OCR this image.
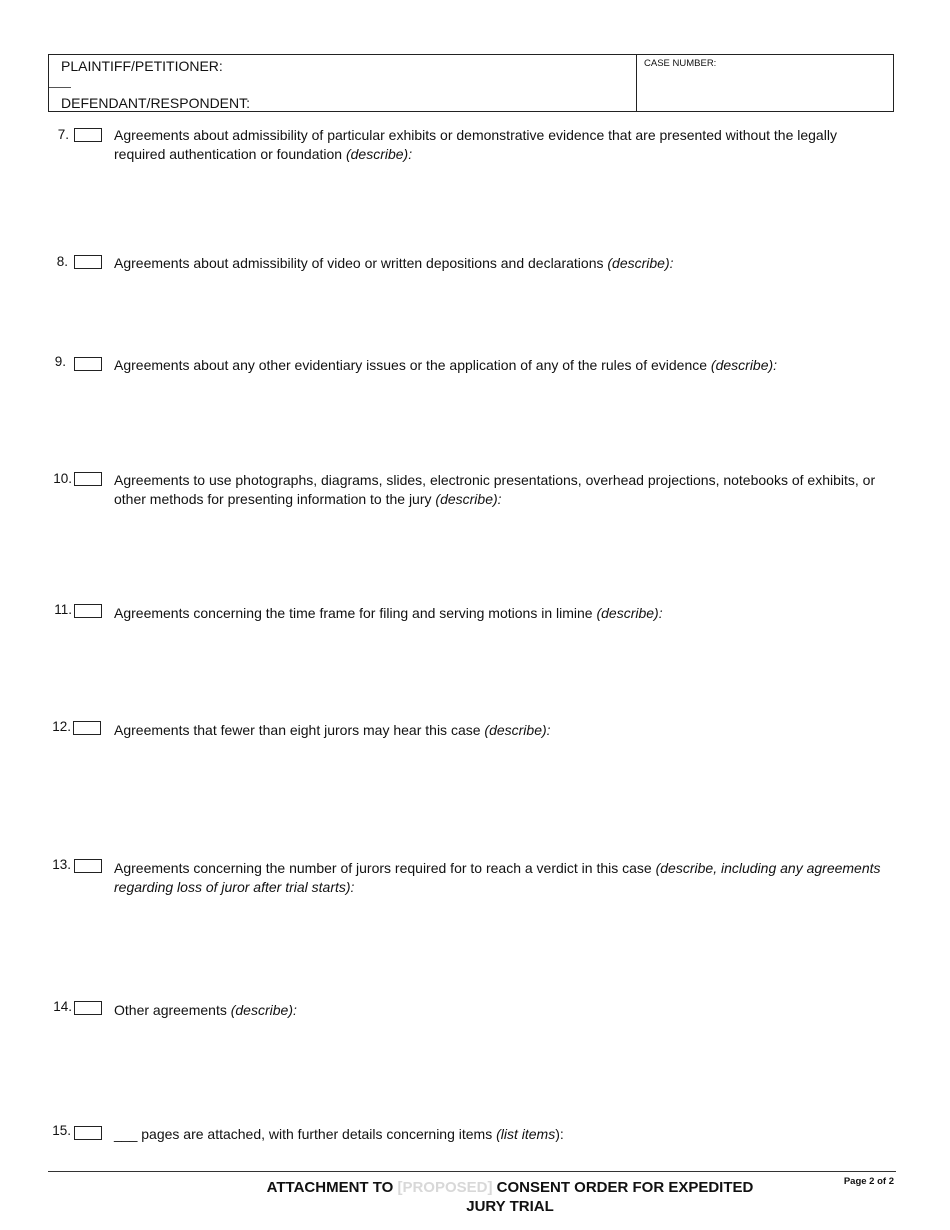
PLAINTIFF/PETITIONER:
DEFENDANT/RESPONDENT:
CASE NUMBER:
7.	Agreements about admissibility of particular exhibits or demonstrative evidence that are presented without the legally required authentication or foundation (describe):
8.	Agreements about admissibility of video or written depositions and declarations (describe):
9.	Agreements about any other evidentiary issues or the application of any of the rules of evidence (describe):
10.	Agreements to use photographs, diagrams, slides, electronic presentations, overhead projections, notebooks of exhibits, or other methods for presenting information to the jury (describe):
11.	Agreements concerning the time frame for filing and serving motions in limine (describe):
12.	Agreements that fewer than eight jurors may hear this case (describe):
13.	Agreements concerning the number of jurors required for to reach a verdict in this case (describe, including any agreements regarding loss of juror after trial starts):
14.	Other agreements (describe):
15.	___ pages are attached, with further details concerning items (list items):
ATTACHMENT TO [PROPOSED] CONSENT ORDER FOR EXPEDITED
JURY TRIAL
Page 2 of 2
